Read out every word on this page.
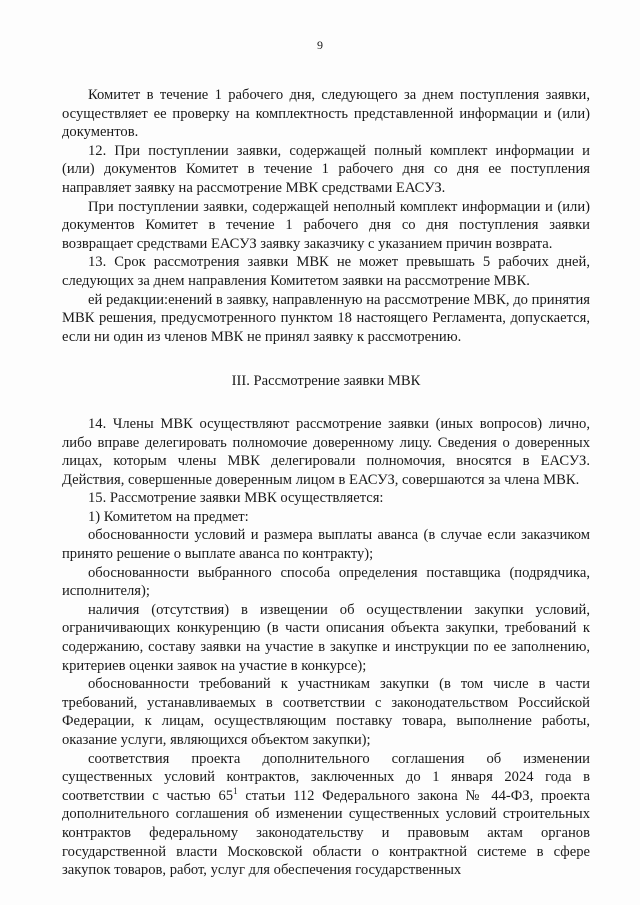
9

Комитет в течение 1 рабочего дня, следующего за днем поступления заявки, осуществляет ее проверку на комплектность представленной информации и (или) документов.

12. При поступлении заявки, содержащей полный комплект информации и (или) документов Комитет в течение 1 рабочего дня со дня ее поступления направляет заявку на рассмотрение МВК средствами ЕАСУЗ.

При поступлении заявки, содержащей неполный комплект информации и (или) документов Комитет в течение 1 рабочего дня со дня поступления заявки возвращает средствами ЕАСУЗ заявку заказчику с указанием причин возврата.

13. Срок рассмотрения заявки МВК не может превышать 5 рабочих дней, следующих за днем направления Комитетом заявки на рассмотрение МВК.

ей редакции:енений в заявку, направленную на рассмотрение МВК, до принятия МВК решения, предусмотренного пунктом 18 настоящего Регламента, допускается, если ни один из членов МВК не принял заявку к рассмотрению.

III. Рассмотрение заявки МВК

14. Члены МВК осуществляют рассмотрение заявки (иных вопросов) лично, либо вправе делегировать полномочие доверенному лицу. Сведения о доверенных лицах, которым члены МВК делегировали полномочия, вносятся в ЕАСУЗ. Действия, совершенные доверенным лицом в ЕАСУЗ, совершаются за члена МВК.

15. Рассмотрение заявки МВК осуществляется:

1) Комитетом на предмет:

обоснованности условий и размера выплаты аванса (в случае если заказчиком принято решение о выплате аванса по контракту);

обоснованности выбранного способа определения поставщика (подрядчика, исполнителя);

наличия (отсутствия) в извещении об осуществлении закупки условий, ограничивающих конкуренцию (в части описания объекта закупки, требований к содержанию, составу заявки на участие в закупке и инструкции по ее заполнению, критериев оценки заявок на участие в конкурсе);

обоснованности требований к участникам закупки (в том числе в части требований, устанавливаемых в соответствии с законодательством Российской Федерации, к лицам, осуществляющим поставку товара, выполнение работы, оказание услуги, являющихся объектом закупки);

соответствия проекта дополнительного соглашения об изменении существенных условий контрактов, заключенных до 1 января 2024 года в соответствии с частью $65^1$ статьи 112 Федерального закона № 44-ФЗ, проекта дополнительного соглашения об изменении существенных условий строительных контрактов федеральному законодательству и правовым актам органов государственной власти Московской области о контрактной системе в сфере закупок товаров, работ, услуг для обеспечения государственных
